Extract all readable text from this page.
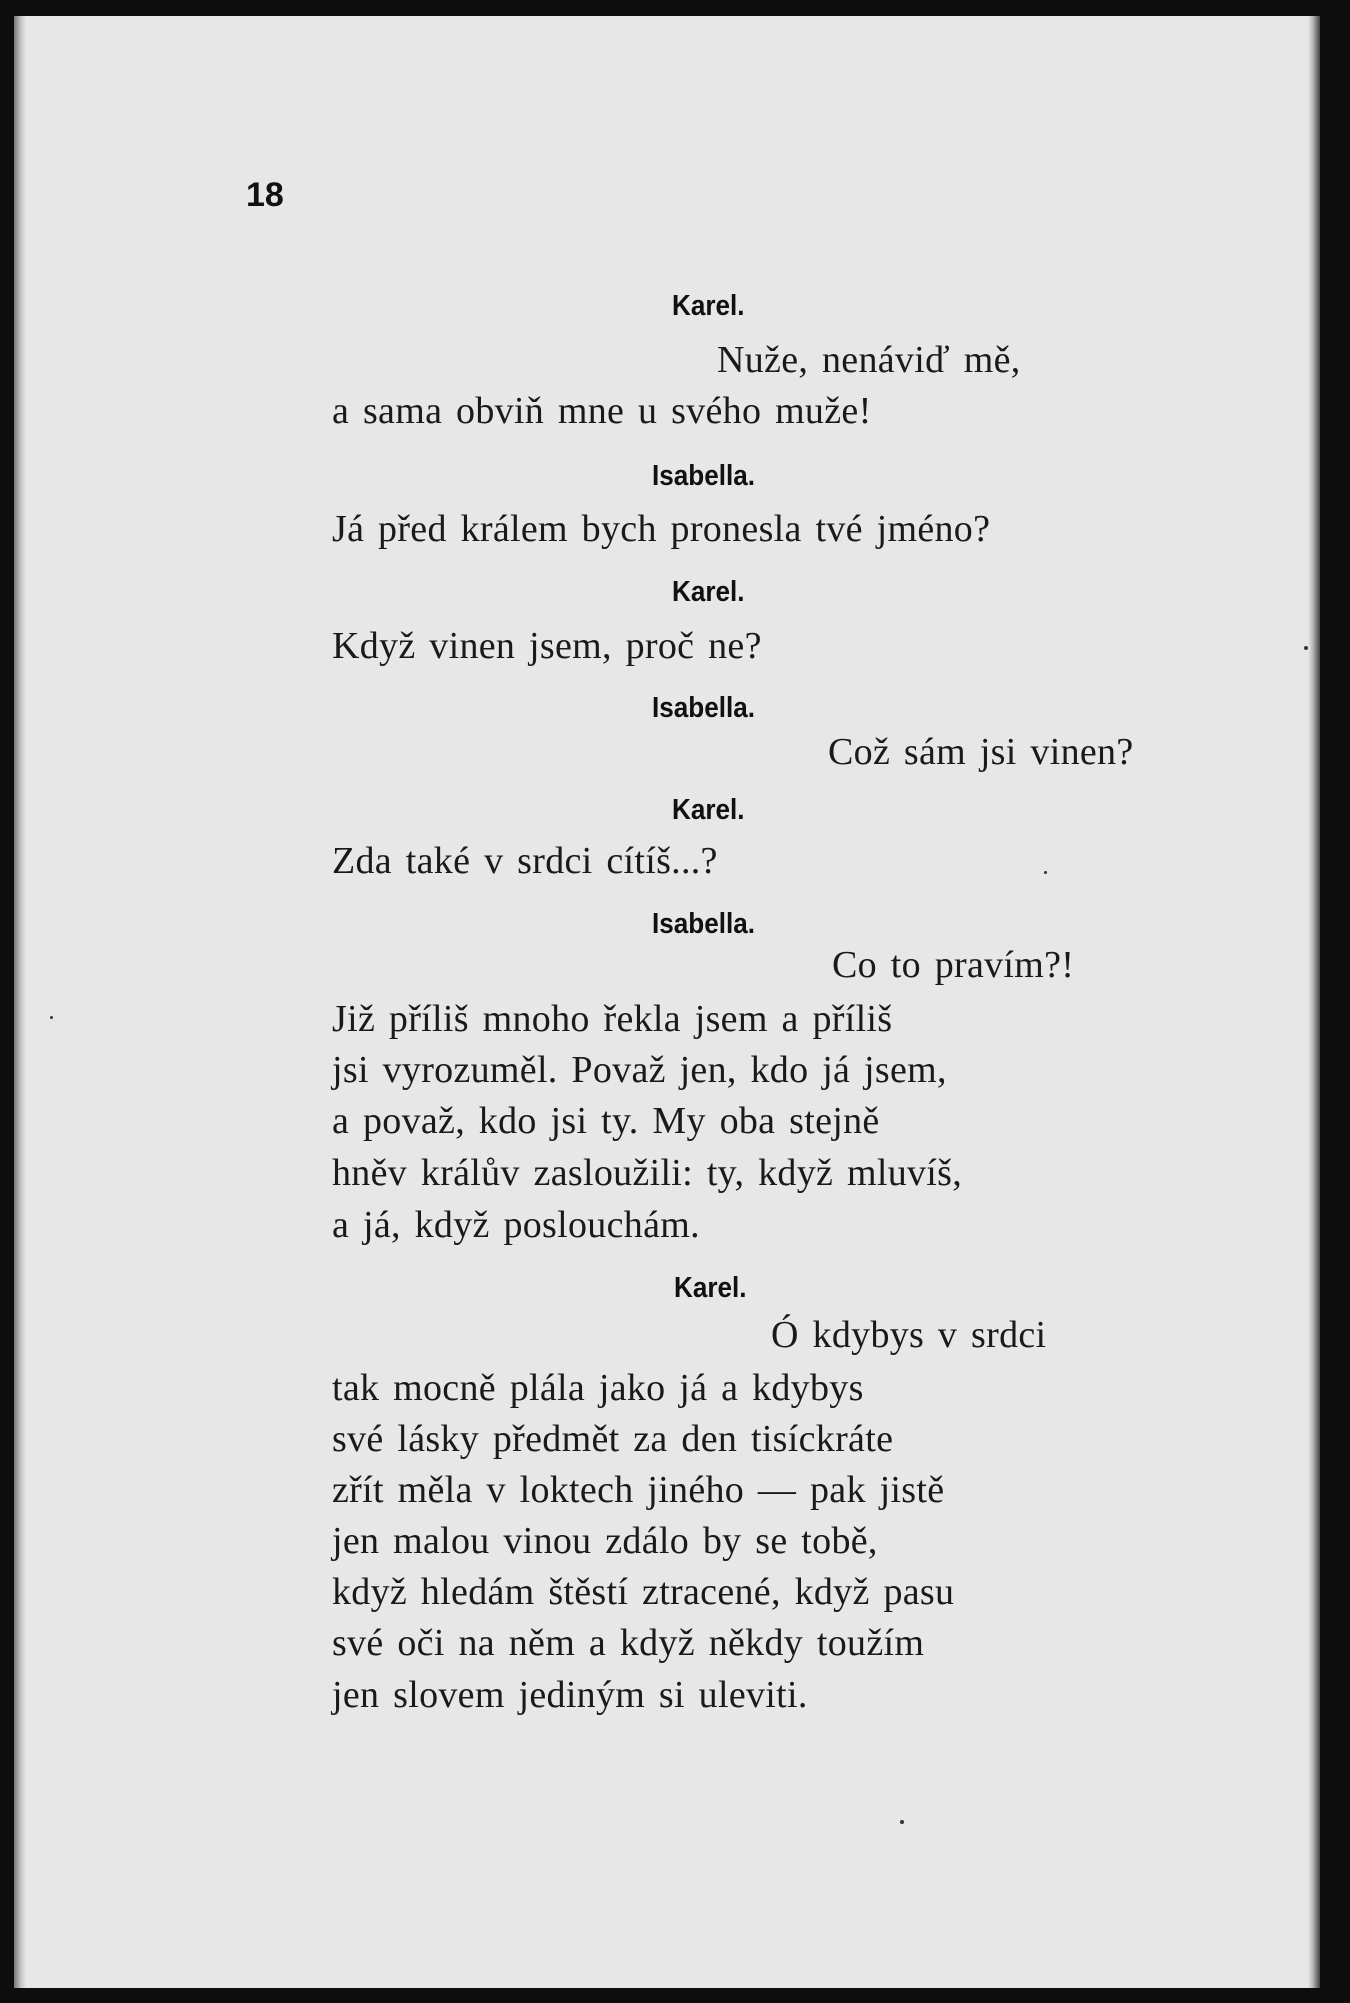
18
Karel.
Nuže, nenáviď mě,
a sama obviň mne u svého muže!
Isabella.
Já před králem bych pronesla tvé jméno?
Karel.
Když vinen jsem, proč ne?
Isabella.
Což sám jsi vinen?
Karel.
Zda také v srdci cítíš...?
Isabella.
Co to pravím?!
Již příliš mnoho řekla jsem a příliš
jsi vyrozuměl. Považ jen, kdo já jsem,
a považ, kdo jsi ty. My oba stejně
hněv králův zasloužili: ty, když mluvíš,
a já, když poslouchám.
Karel.
Ó kdybys v srdci
tak mocně plála jako já a kdybys
své lásky předmět za den tisíckráte
zřít měla v loktech jiného — pak jistě
jen malou vinou zdálo by se tobě,
když hledám štěstí ztracené, když pasu
své oči na něm a když někdy toužím
jen slovem jediným si uleviti.
